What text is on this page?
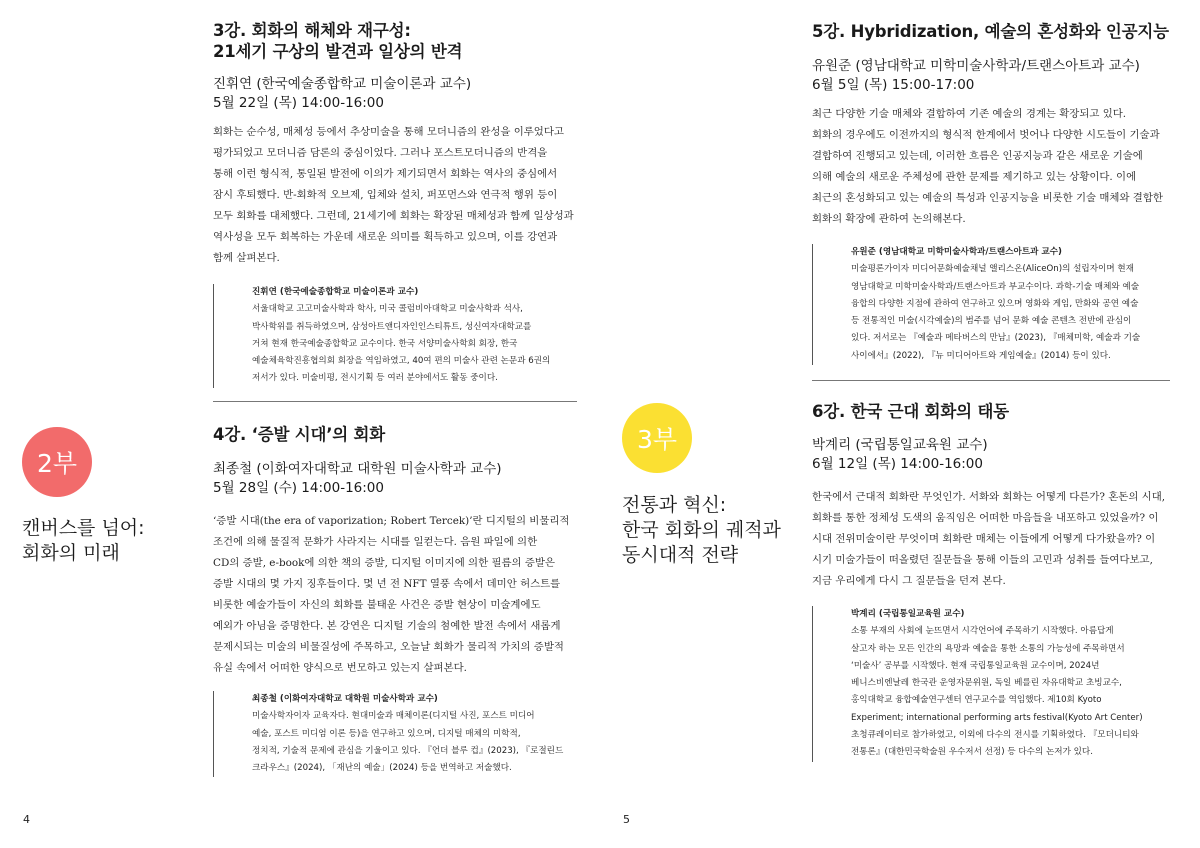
2부
캔버스를 넘어:
회화의 미래
3강. 회화의 해체와 재구성:
21세기 구상의 발견과 일상의 반격
진휘연 (한국예술종합학교 미술이론과 교수)
5월 22일 (목) 14:00-16:00
회화는 순수성, 매체성 등에서 추상미술을 통해 모더니즘의 완성을 이루었다고
평가되었고 모더니즘 담론의 중심이었다. 그러나 포스트모더니즘의 반격을
통해 이런 형식적, 통일된 발전에 이의가 제기되면서 회화는 역사의 중심에서
잠시 후퇴했다. 반-회화적 오브제, 입체와 설치, 퍼포먼스와 연극적 행위 등이
모두 회화를 대체했다. 그런데, 21세기에 회화는 확장된 매체성과 함께 일상성과
역사성을 모두 회복하는 가운데 새로운 의미를 획득하고 있으며, 이를 강연과
함께 살펴본다.
진휘연 (한국예술종합학교 미술이론과 교수)
서울대학교 고고미술사학과 학사, 미국 콜럼비아대학교 미술사학과 석사,
박사학위를 취득하였으며, 삼성아트앤디자인인스티튜트, 성신여자대학교를
거쳐 현재 한국예술종합학교 교수이다. 한국 서양미술사학회 회장, 한국
예술체육학진흥협의회 회장을 역임하였고, 40여 편의 미술사 관련 논문과 6권의
저서가 있다. 미술비평, 전시기획 등 여러 분야에서도 활동 중이다.
4강. ‘증발 시대’의 회화
최종철 (이화여자대학교 대학원 미술사학과 교수)
5월 28일 (수) 14:00-16:00
‘증발 시대(the era of vaporization; Robert Tercek)’란 디지털의 비물리적
조건에 의해 물질적 문화가 사라지는 시대를 일컫는다. 음원 파일에 의한
CD의 증발, e-book에 의한 책의 증발, 디지털 이미지에 의한 필름의 증발은
증발 시대의 몇 가지 징후들이다. 몇 년 전 NFT 열풍 속에서 데미안 허스트를
비롯한 예술가들이 자신의 회화를 불태운 사건은 증발 현상이 미술계에도
예외가 아님을 증명한다. 본 강연은 디지털 기술의 첨예한 발전 속에서 새롭게
문제시되는 미술의 비물질성에 주목하고, 오늘날 회화가 물리적 가치의 증발적
유실 속에서 어떠한 양식으로 번모하고 있는지 살펴본다.
최종철 (이화여자대학교 대학원 미술사학과 교수)
미술사학자이자 교육자다. 현대미술과 매체이론(디지털 사진, 포스트 미디어
예술, 포스트 미디엄 이론 등)을 연구하고 있으며, 디지털 매체의 미학적,
정치적, 기술적 문제에 관심을 기울이고 있다. 『언더 블루 컵』(2023), 『로절린드
크라우스』(2024), 「재난의 예술」(2024) 등을 번역하고 저술했다.
4
3부
전통과 혁신:
한국 회화의 궤적과
동시대적 전략
5강. Hybridization, 예술의 혼성화와 인공지능
유원준 (영남대학교 미학미술사학과/트랜스아트과 교수)
6월 5일 (목) 15:00-17:00
최근 다양한 기술 매체와 결합하여 기존 예술의 경계는 확장되고 있다.
회화의 경우에도 이전까지의 형식적 한계에서 벗어나 다양한 시도들이 기술과
결합하여 진행되고 있는데, 이러한 흐름은 인공지능과 같은 새로운 기술에
의해 예술의 새로운 주체성에 관한 문제를 제기하고 있는 상황이다. 이에
최근의 혼성화되고 있는 예술의 특성과 인공지능을 비롯한 기술 매체와 결합한
회화의 확장에 관하여 논의해본다.
유원준 (영남대학교 미학미술사학과/트랜스아트과 교수)
미술평론가이자 미디어문화예술채널 앨리스온(AliceOn)의 설립자이며 현재
영남대학교 미학미술사학과/트랜스아트과 부교수이다. 과학-기술 매체와 예술
융합의 다양한 지점에 관하여 연구하고 있으며 영화와 게임, 만화와 공연 예술
등 전통적인 미술(시각예술)의 범주를 넘어 문화 예술 콘텐츠 전반에 관심이
있다. 저서로는 『예술과 메타버스의 만남』(2023), 『매체미학, 예술과 기술
사이에서』(2022), 『뉴 미디어아트와 게임예술』(2014) 등이 있다.
6강. 한국 근대 회화의 태동
박계리 (국립통일교육원 교수)
6월 12일 (목) 14:00-16:00
한국에서 근대적 회화란 무엇인가. 서화와 회화는 어떻게 다른가? 혼돈의 시대,
회화를 통한 정체성 도색의 움직임은 어떠한 마음들을 내포하고 있었을까? 이
시대 전위미술이란 무엇이며 회화란 매체는 이들에게 어떻게 다가왔을까? 이
시기 미술가들이 떠올렸던 질문들을 통해 이들의 고민과 성취를 들여다보고,
지금 우리에게 다시 그 질문들을 던져 본다.
박계리 (국립통일교육원 교수)
소통 부재의 사회에 눈뜨면서 시각언어에 주목하기 시작했다. 아름답게
살고자 하는 모든 인간의 욕망과 예술을 통한 소통의 가능성에 주목하면서
‘미술사’ 공부를 시작했다. 현재 국립통일교육원 교수이며, 2024년
베니스비엔날레 한국관 운영자문위원, 독일 베를린 자유대학교 초빙교수,
홍익대학교 융합예술연구센터 연구교수를 역임했다. 제10회 Kyoto
Experiment; international performing arts festival(Kyoto Art Center)
초청큐레이터로 참가하였고, 이외에 다수의 전시를 기획하였다. 『모더니티와
전통론』(대한민국학술원 우수저서 선정) 등 다수의 논저가 있다.
5
